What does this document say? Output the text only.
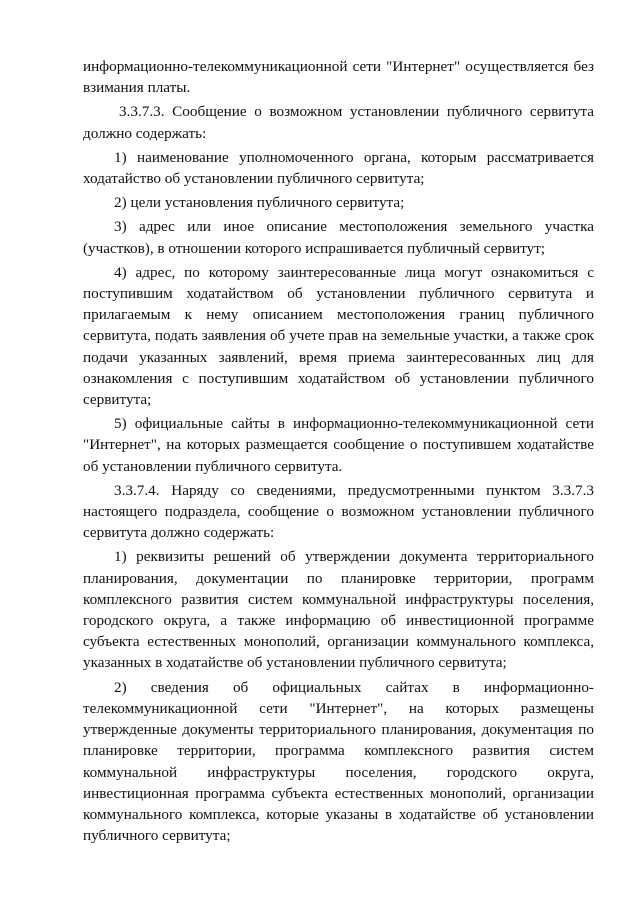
информационно-телекоммуникационной сети "Интернет" осуществляется без взимания платы.

3.3.7.3. Сообщение о возможном установлении публичного сервитута должно содержать:

1) наименование уполномоченного органа, которым рассматривается ходатайство об установлении публичного сервитута;

2) цели установления публичного сервитута;

3) адрес или иное описание местоположения земельного участка (участков), в отношении которого испрашивается публичный сервитут;

4) адрес, по которому заинтересованные лица могут ознакомиться с поступившим ходатайством об установлении публичного сервитута и прилагаемым к нему описанием местоположения границ публичного сервитута, подать заявления об учете прав на земельные участки, а также срок подачи указанных заявлений, время приема заинтересованных лиц для ознакомления с поступившим ходатайством об установлении публичного сервитута;

5) официальные сайты в информационно-телекоммуникационной сети "Интернет", на которых размещается сообщение о поступившем ходатайстве об установлении публичного сервитута.

3.3.7.4. Наряду со сведениями, предусмотренными пунктом 3.3.7.3 настоящего подраздела, сообщение о возможном установлении публичного сервитута должно содержать:

1) реквизиты решений об утверждении документа территориального планирования, документации по планировке территории, программ комплексного развития систем коммунальной инфраструктуры поселения, городского округа, а также информацию об инвестиционной программе субъекта естественных монополий, организации коммунального комплекса, указанных в ходатайстве об установлении публичного сервитута;

2) сведения об официальных сайтах в информационно-телекоммуникационной сети "Интернет", на которых размещены утвержденные документы территориального планирования, документация по планировке территории, программа комплексного развития систем коммунальной инфраструктуры поселения, городского округа, инвестиционная программа субъекта естественных монополий, организации коммунального комплекса, которые указаны в ходатайстве об установлении публичного сервитута;
